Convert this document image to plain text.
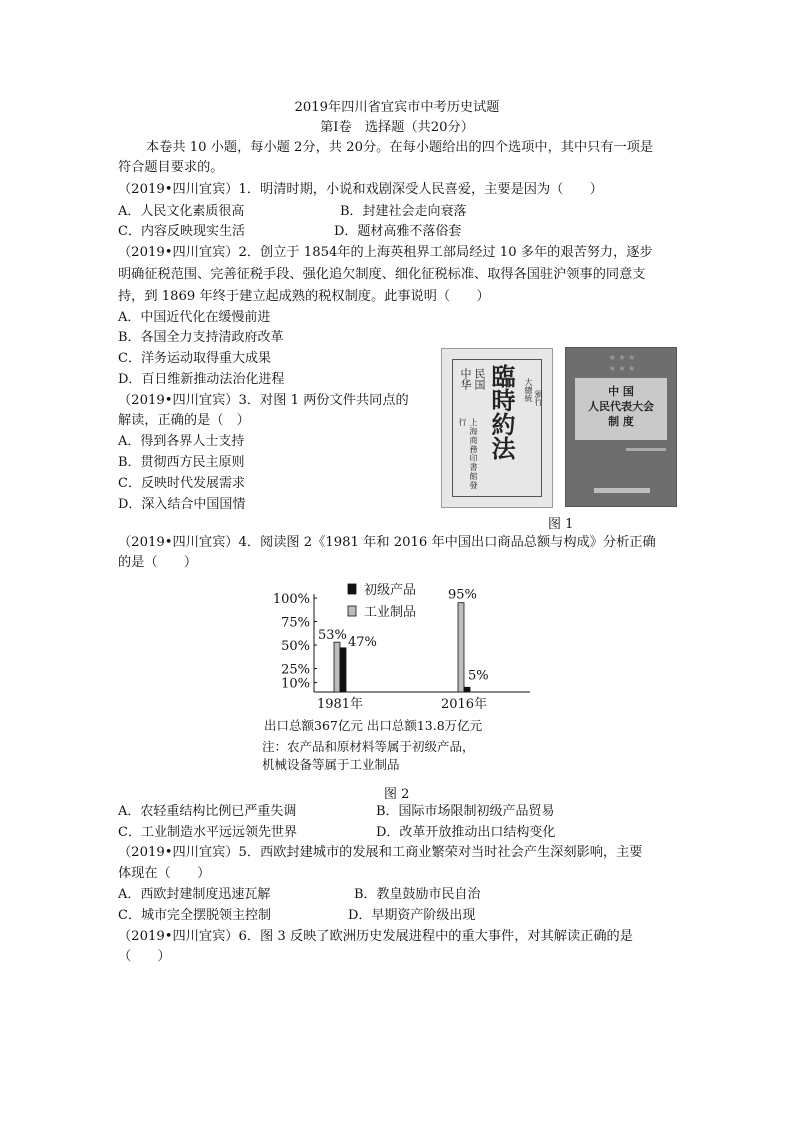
2019年四川省宜宾市中考历史试题
第Ⅰ卷　选择题（共20分）
本卷共 10 小题，每小题 2分，共 20分。在每小题给出的四个选项中，其中只有一项是
符合题目要求的。
（2019•四川宜宾）1．明清时期，小说和戏剧深受人民喜爱，主要是因为（　　）
A．人民文化素质很高	B．封建社会走向衰落
C．内容反映现实生活	D．题材高雅不落俗套
（2019•四川宜宾）2．创立于 1854年的上海英租界工部局经过 10 多年的艰苦努力，逐步
明确征税范围、完善征税手段、强化追欠制度、细化征税标准、取得各国驻沪领事的同意支
持，到 1869 年终于建立起成熟的税权制度。此事说明（　　）
A．中国近代化在缓慢前进
B．各国全力支持清政府改革
C．洋务运动取得重大成果
D．百日维新推动法治化进程
（2019•四川宜宾）3．对图 1 两份文件共同点的
解读，正确的是（　）
A．得到各界人士支持
B．贯彻西方民主原则
C．反映时代发展需求
D．深入结合中国国情
中华 民国
上海商務印書館發行 臨時約法 大總統 頒行
★ ★ ★
★ ★ ★
中 国
人民代表大会
制 度
图 1
（2019•四川宜宾）4．阅读图 2《1981 年和 2016 年中国出口商品总额与构成》分析正确
的是（　　）
100%
75%
50%
25%
10%
53% 47%
1981年
95%
5%
2016年
初级产品
工业制品
出口总额367亿元 出口总额13.8万亿元
注：农产品和原材料等属于初级产品，
机械设备等属于工业制品
图 2
A．农轻重结构比例已严重失调	B．国际市场限制初级产品贸易
C．工业制造水平远远领先世界	D．改革开放推动出口结构变化
（2019•四川宜宾）5．西欧封建城市的发展和工商业繁荣对当时社会产生深刻影响，主要
体现在（　　）
A．西欧封建制度迅速瓦解	B．教皇鼓励市民自治
C．城市完全摆脱领主控制	D．早期资产阶级出现
（2019•四川宜宾）6．图 3 反映了欧洲历史发展进程中的重大事件，对其解读正确的是
（　　）
